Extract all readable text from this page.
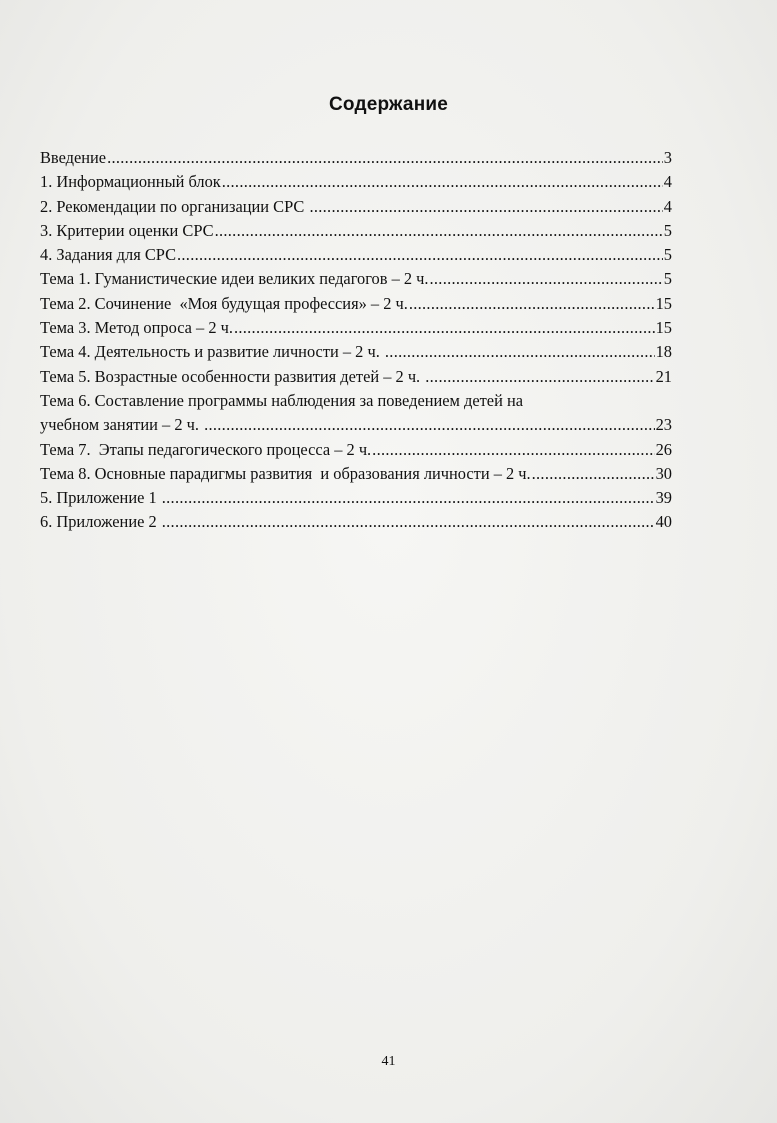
Содержание
Введение .....	3
1. Информационный блок .....	4
2. Рекомендации по организации СРС .....	4
3. Критерии оценки СРС .....	5
4. Задания для СРС .....	5
Тема 1. Гуманистические идеи великих педагогов – 2 ч. .....	5
Тема 2. Сочинение  «Моя будущая профессия» – 2 ч. .....	15
Тема 3. Метод опроса – 2 ч. .....	15
Тема 4. Деятельность и развитие личности – 2 ч. .....	18
Тема 5. Возрастные особенности развития детей – 2 ч. .....	21
Тема 6. Составление программы наблюдения за поведением детей на
учебном занятии – 2 ч. .....	23
Тема 7.  Этапы педагогического процесса – 2 ч. .....	26
Тема 8. Основные парадигмы развития  и образования личности – 2 ч. .....	30
5. Приложение 1 .....	39
6. Приложение 2 .....	40
41
